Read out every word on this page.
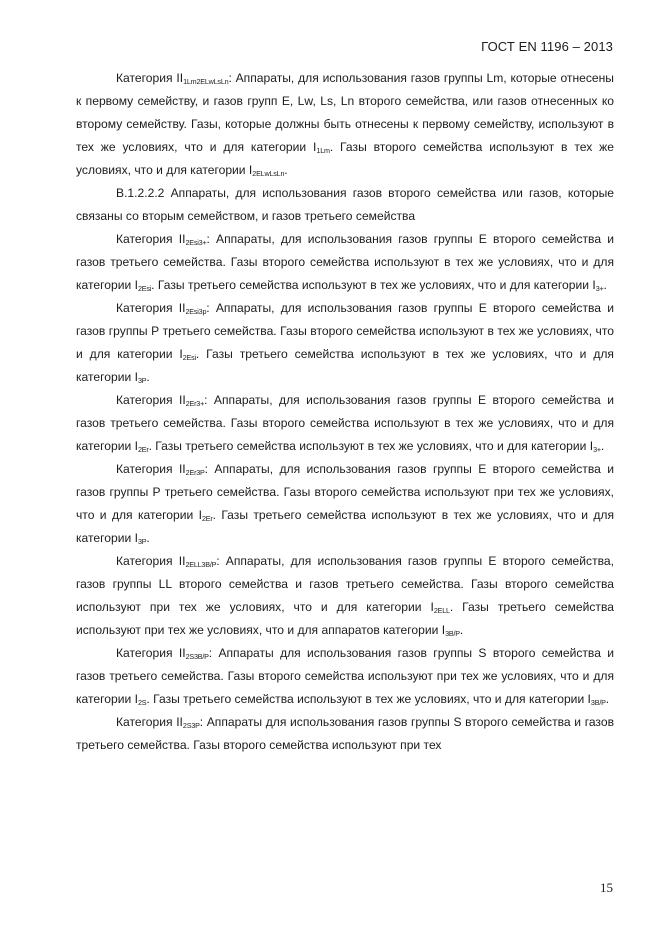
ГОСТ EN 1196 – 2013

Категория $II_{1Lm2ELwLsLn}$: Аппараты, для использования газов группы Lm, которые отнесены к первому семейству, и газов групп Е, Lw, Ls, Ln второго семейства, или газов отнесенных ко второму семейству. Газы, которые должны быть отнесены к первому семейству, используют в тех же условиях, что и для категории $I_{1Lm}$. Газы второго семейства используют в тех же условиях, что и для категории $I_{2ELwLsLn}$.

В.1.2.2.2 Аппараты, для использования газов второго семейства или газов, которые связаны со вторым семейством, и газов третьего семейства

Категория $II_{2Esi3+}$: Аппараты, для использования газов группы Е второго семейства и газов третьего семейства. Газы второго семейства используют в тех же условиях, что и для категории $I_{2Esi}$. Газы третьего семейства используют в тех же условиях, что и для категории $I_{3+}$.

Категория $II_{2Esi3p}$: Аппараты, для использования газов группы Е второго семейства и газов группы Р третьего семейства. Газы второго семейства используют в тех же условиях, что и для категории $I_{2Esi}$. Газы третьего семейства используют в тех же условиях, что и для категории $I_{3P}$.

Категория $II_{2Er3+}$: Аппараты, для использования газов группы Е второго семейства и газов третьего семейства. Газы второго семейства используют в тех же условиях, что и для категории $I_{2Er}$. Газы третьего семейства используют в тех же условиях, что и для категории $I_{3+}$.

Категория $II_{2Er3P}$: Аппараты, для использования газов группы Е второго семейства и газов группы Р третьего семейства. Газы второго семейства используют при тех же условиях, что и для категории $I_{2Er}$. Газы третьего семейства используют в тех же условиях, что и для категории $I_{3P}$.

Категория $II_{2ELL3B/P}$: Аппараты, для использования газов группы Е второго семейства, газов группы LL второго семейства и газов третьего семейства. Газы второго семейства используют при тех же условиях, что и для категории $I_{2ELL}$. Газы третьего семейства используют при тех же условиях, что и для аппаратов категории $I_{3B/P}$.

Категория $II_{2S3B/P}$: Аппараты для использования газов группы S второго семейства и газов третьего семейства. Газы второго семейства используют при тех же условиях, что и для категории $I_{2S}$. Газы третьего семейства используют в тех же условиях, что и для категории $I_{3B/P}$.

Категория $II_{2S3P}$: Аппараты для использования газов группы S второго семейства и газов третьего семейства. Газы второго семейства используют при тех

15
